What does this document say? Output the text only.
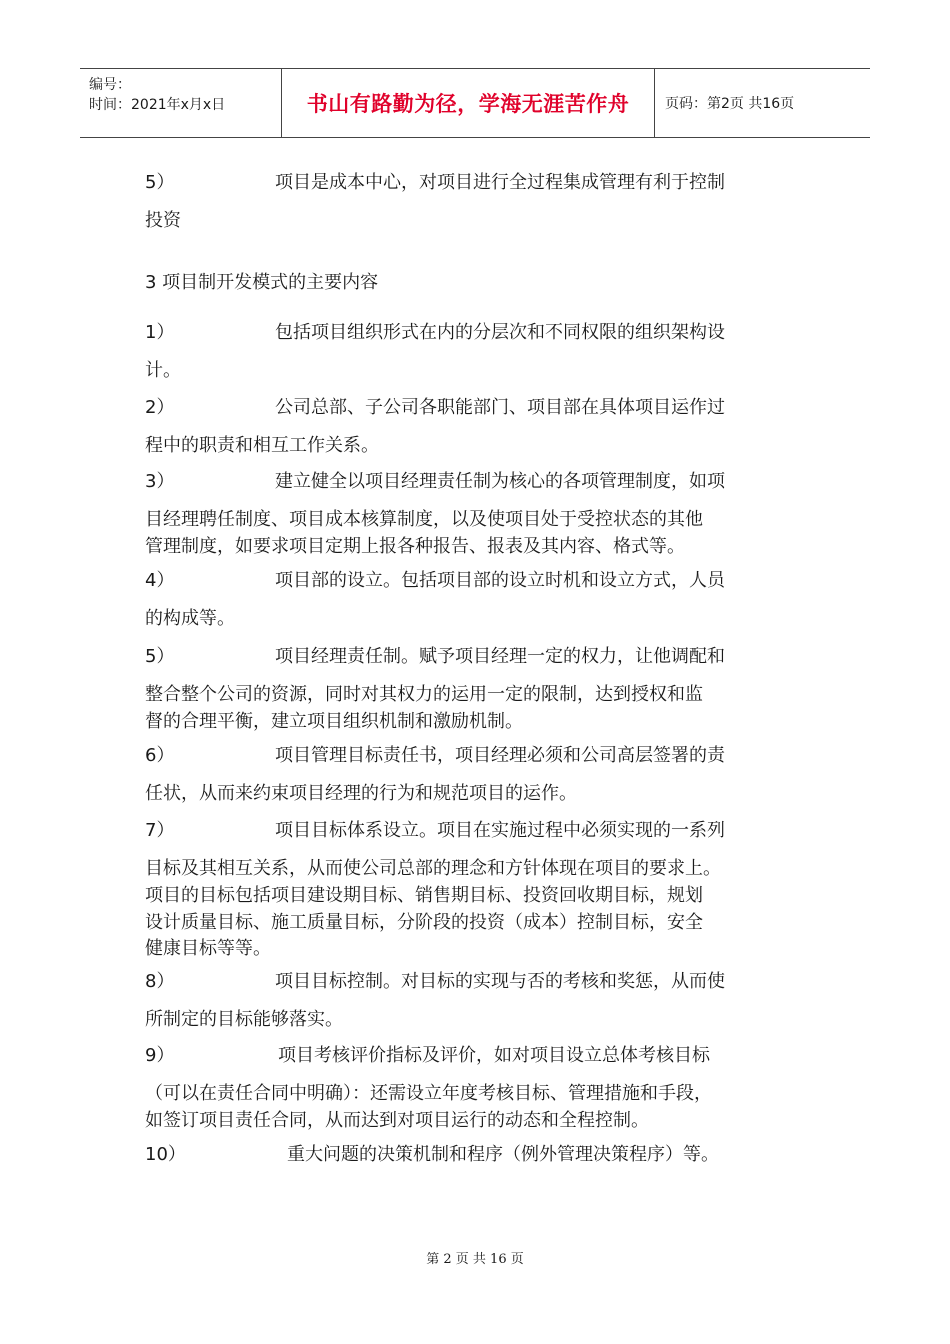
编号：
时间：2021年x月x日	书山有路勤为径，学海无涯苦作舟	页码：第2页 共16页
5）	项目是成本中心，对项目进行全过程集成管理有利于控制
投资
3 项目制开发模式的主要内容
1）	包括项目组织形式在内的分层次和不同权限的组织架构设
计。
2）	公司总部、子公司各职能部门、项目部在具体项目运作过
程中的职责和相互工作关系。
3）	建立健全以项目经理责任制为核心的各项管理制度，如项
目经理聘任制度、项目成本核算制度，以及使项目处于受控状态的其他
管理制度，如要求项目定期上报各种报告、报表及其内容、格式等。
4）	项目部的设立。包括项目部的设立时机和设立方式，人员
的构成等。
5）	项目经理责任制。赋予项目经理一定的权力，让他调配和
整合整个公司的资源，同时对其权力的运用一定的限制，达到授权和监
督的合理平衡，建立项目组织机制和激励机制。
6）	项目管理目标责任书，项目经理必须和公司高层签署的责
任状，从而来约束项目经理的行为和规范项目的运作。
7）	项目目标体系设立。项目在实施过程中必须实现的一系列
目标及其相互关系，从而使公司总部的理念和方针体现在项目的要求上。
项目的目标包括项目建设期目标、销售期目标、投资回收期目标，规划
设计质量目标、施工质量目标，分阶段的投资（成本）控制目标，安全
健康目标等等。
8）	项目目标控制。对目标的实现与否的考核和奖惩，从而使
所制定的目标能够落实。
9）	项目考核评价指标及评价，如对项目设立总体考核目标
（可以在责任合同中明确）：还需设立年度考核目标、管理措施和手段，
如签订项目责任合同，从而达到对项目运行的动态和全程控制。
10）	重大问题的决策机制和程序（例外管理决策程序）等。
第 2 页 共 16 页
